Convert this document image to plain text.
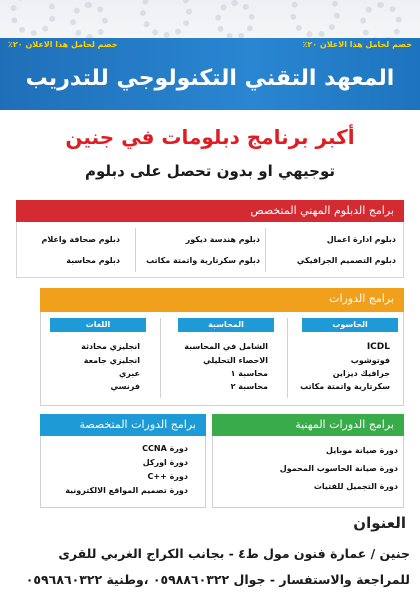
خصم لحامل هذا الاعلان ٢٠٪
خصم لحامل هذا الاعلان ٢٠٪
المعهد التقني التكنولوجي للتدريب
أكبر برنامج دبلومات في جنين
توجيهي او بدون تحصل على دبلوم
برامج الدبلوم المهني المتخصص
دبلوم ادارة اعمال
دبلوم التصميم الجرافيكي
دبلوم هندسة ديكور
دبلوم سكرتارية واتمتة مكاتب
دبلوم صحافة واعلام
دبلوم محاسبة
برامج الدورات
الحاسوب
المحاسبة
اللغات
ICDL
فوتوشوب
جرافيك ديزاين
سكرتارية واتمتة مكاتب
الشامل في المحاسبة
الاحصاء التحليلي
محاسبة ١
محاسبة ٢
انجليزي محادثة
انجليزي جامعة
عبري
فرنسي
برامج الدورات المهنية
دورة صيانة موبايل
دورة صيانة الحاسوب المحمول
دورة التجميل للفتيات
برامج الدورات المتخصصة
دورة CCNA
دورة اوركل
دورة ++C
دورة تصميم المواقع الالكترونية
العنوان
جنين / عمارة فنون مول ط٤ - بجانب الكراج الغربي للقرى
للمراجعة والاستفسار - جوال ٠٥٩٨٨٦٠٣٢٢ ،وطنية ٠٥٩٦٨٦٠٣٢٢
